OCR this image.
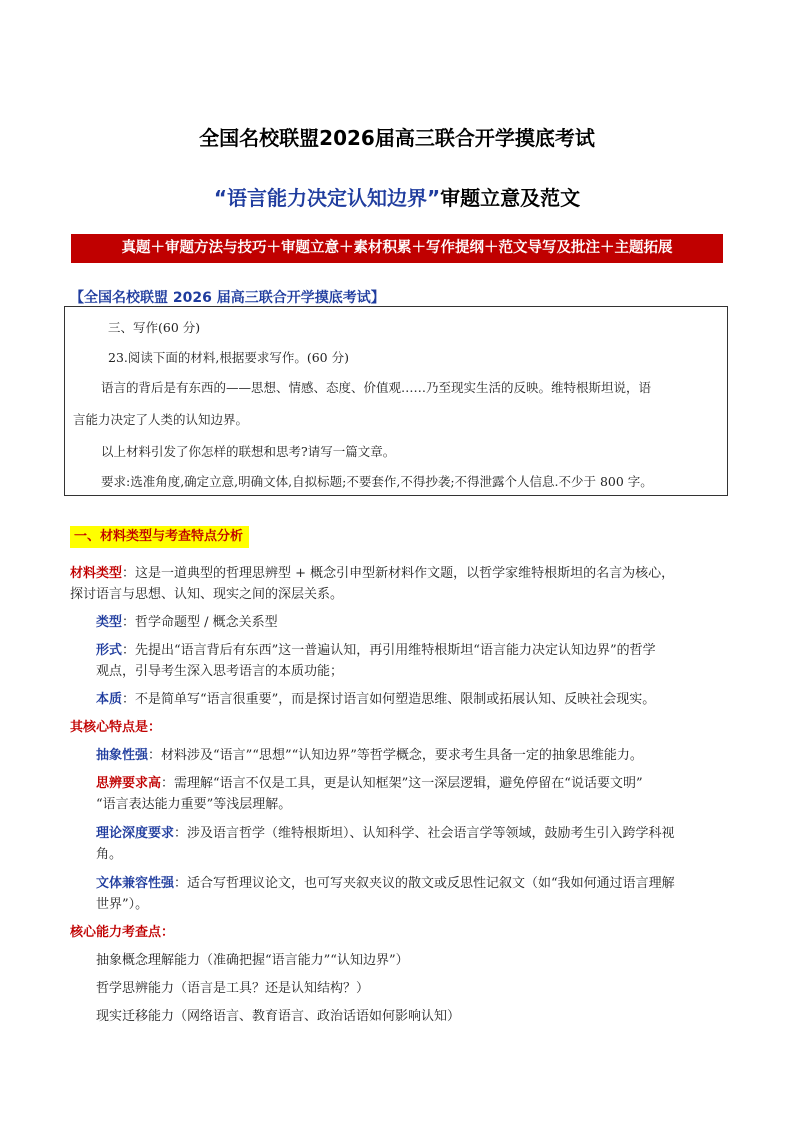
全国名校联盟2026届高三联合开学摸底考试
“语言能力决定认知边界”审题立意及范文
真题＋审题方法与技巧＋审题立意＋素材积累＋写作提纲＋范文导写及批注＋主题拓展
【全国名校联盟 2026 届高三联合开学摸底考试】
三、写作(60 分)
23.阅读下面的材料,根据要求写作。(60 分)
语言的背后是有东西的——思想、情感、态度、价值观……乃至现实生活的反映。维特根斯坦说，语
言能力决定了人类的认知边界。
以上材料引发了你怎样的联想和思考?请写一篇文章。
要求:选准角度,确定立意,明确文体,自拟标题;不要套作,不得抄袭;不得泄露个人信息.不少于 800 字。
一、材料类型与考查特点分析
材料类型：这是一道典型的哲理思辨型 + 概念引申型新材料作文题，以哲学家维特根斯坦的名言为核心，
探讨语言与思想、认知、现实之间的深层关系。
类型：哲学命题型 / 概念关系型
形式：先提出“语言背后有东西”这一普遍认知，再引用维特根斯坦“语言能力决定认知边界”的哲学
观点，引导考生深入思考语言的本质功能；
本质：不是简单写“语言很重要”，而是探讨语言如何塑造思维、限制或拓展认知、反映社会现实。
其核心特点是：
抽象性强：材料涉及“语言”“思想”“认知边界”等哲学概念，要求考生具备一定的抽象思维能力。
思辨要求高：需理解“语言不仅是工具，更是认知框架”这一深层逻辑，避免停留在“说话要文明”
“语言表达能力重要”等浅层理解。
理论深度要求：涉及语言哲学（维特根斯坦）、认知科学、社会语言学等领域，鼓励考生引入跨学科视
角。
文体兼容性强：适合写哲理议论文，也可写夹叙夹议的散文或反思性记叙文（如“我如何通过语言理解
世界”）。
核心能力考查点：
抽象概念理解能力（准确把握“语言能力”“认知边界”）
哲学思辨能力（语言是工具？还是认知结构？）
现实迁移能力（网络语言、教育语言、政治话语如何影响认知）
